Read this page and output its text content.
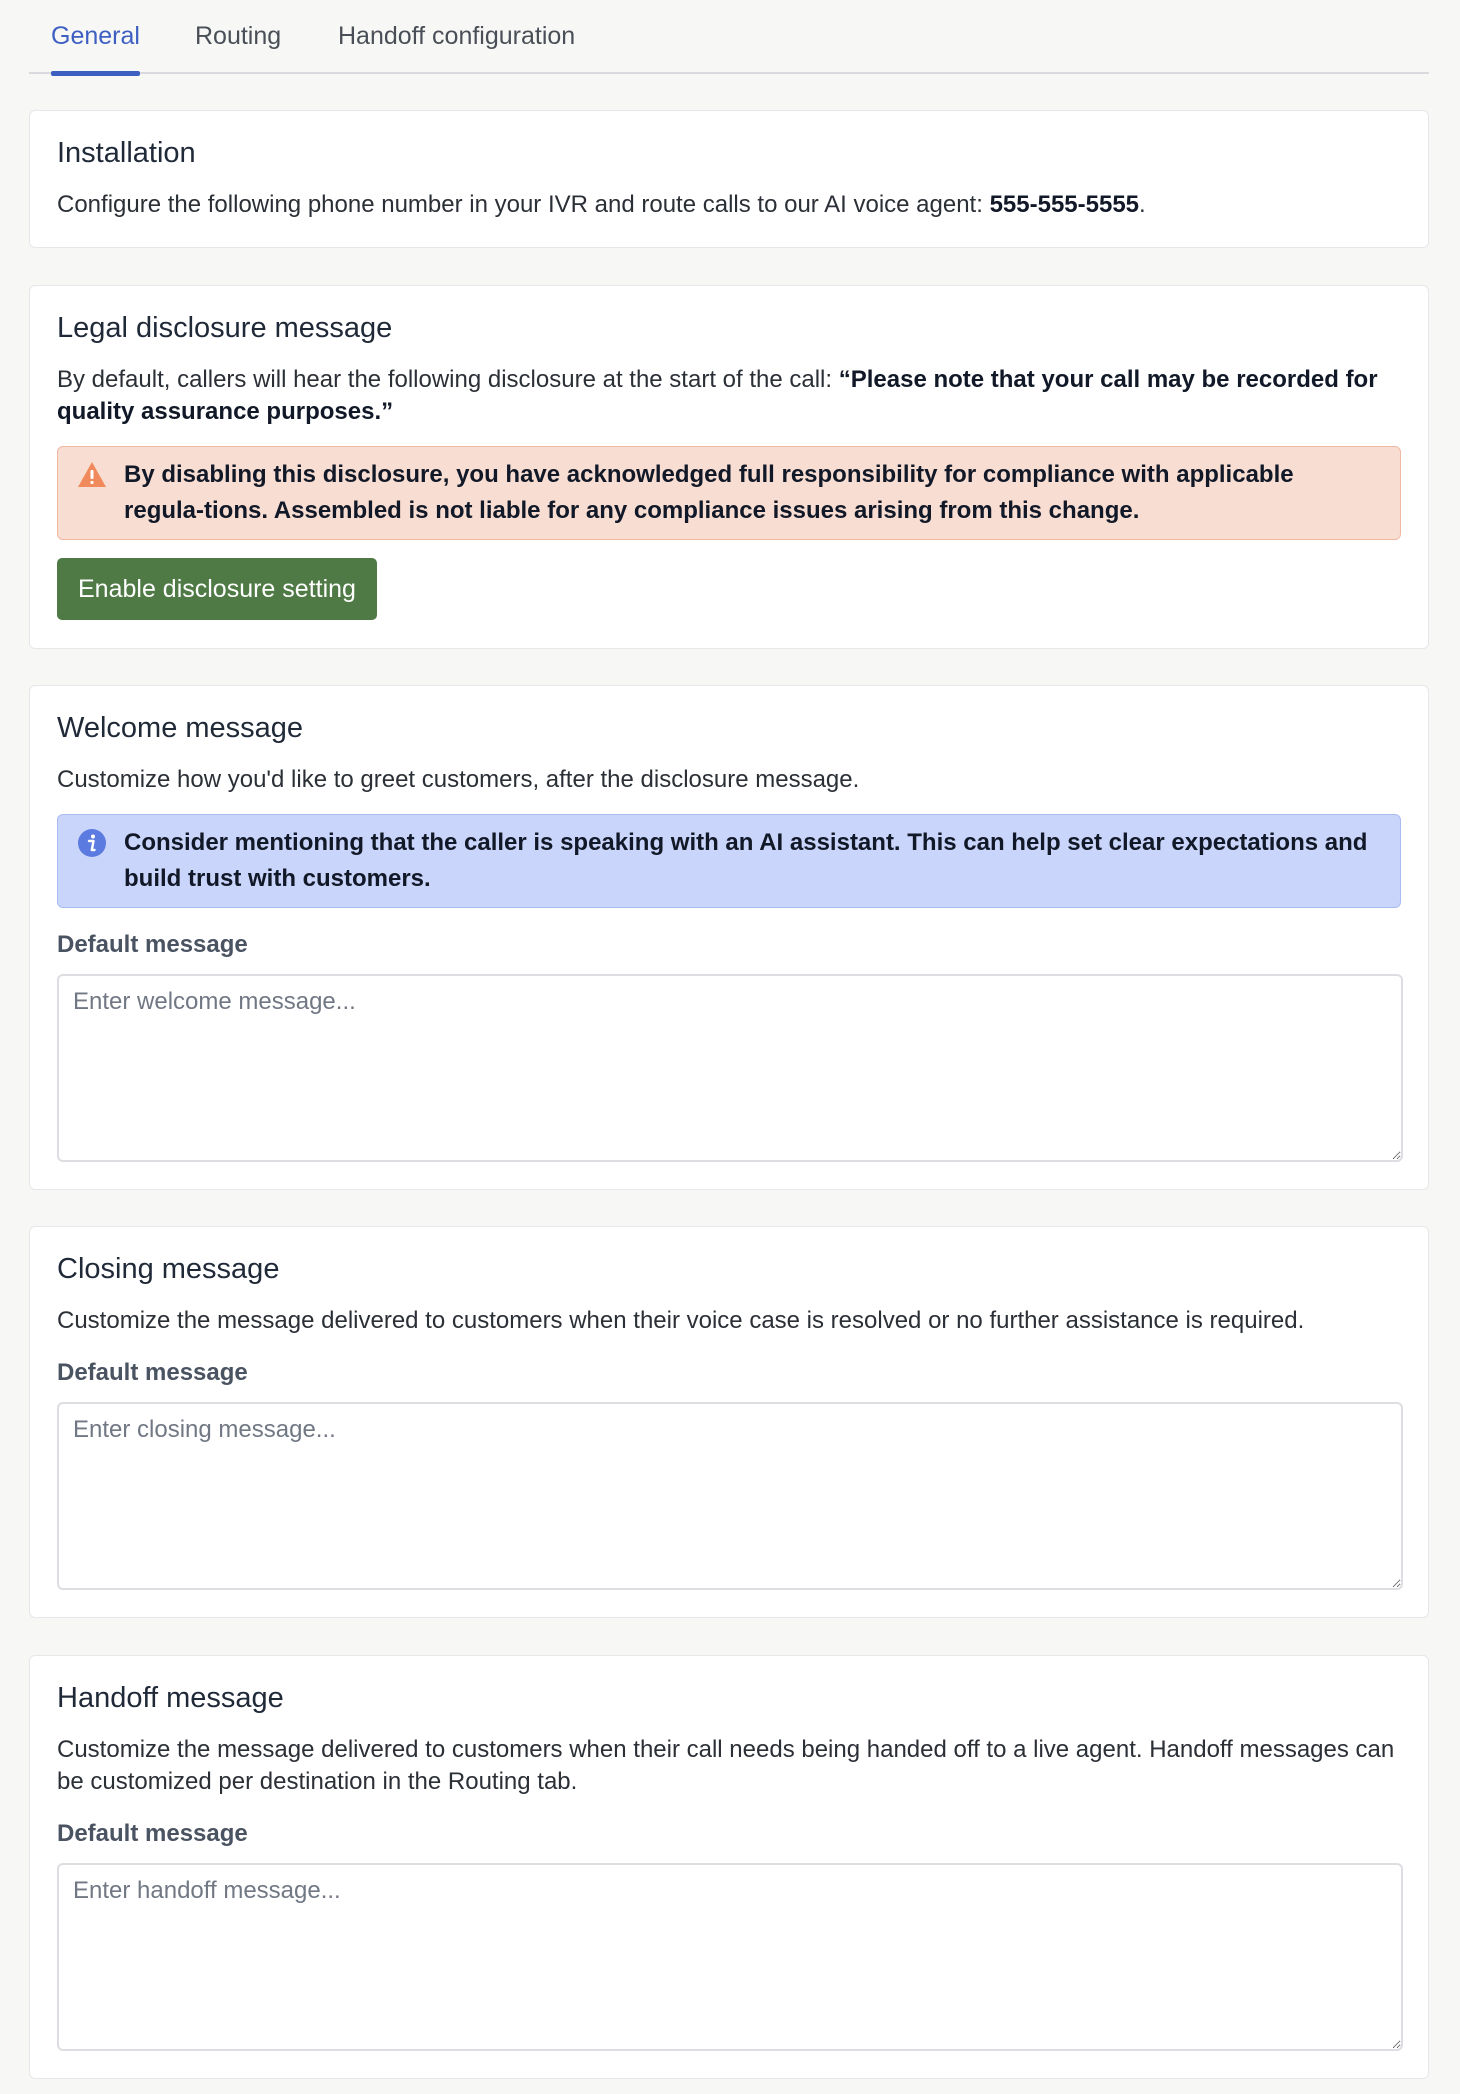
General Routing Handoff configuration
Installation
Configure the following phone number in your IVR and route calls to our AI voice agent: 555-555-5555.
Legal disclosure message
By default, callers will hear the following disclosure at the start of the call: “Please note that your call may be recorded for quality assurance purposes.”
By disabling this disclosure, you have acknowledged full responsibility for compliance with applicable regula-tions. Assembled is not liable for any compliance issues arising from this change.
Enable disclosure setting
Welcome message
Customize how you'd like to greet customers, after the disclosure message.
Consider mentioning that the caller is speaking with an AI assistant. This can help set clear expectations and build trust with customers.
Default message
Enter welcome message...
Closing message
Customize the message delivered to customers when their voice case is resolved or no further assistance is required.
Default message
Enter closing message...
Handoff message
Customize the message delivered to customers when their call needs being handed off to a live agent. Handoff messages can be customized per destination in the Routing tab.
Default message
Enter handoff message...
